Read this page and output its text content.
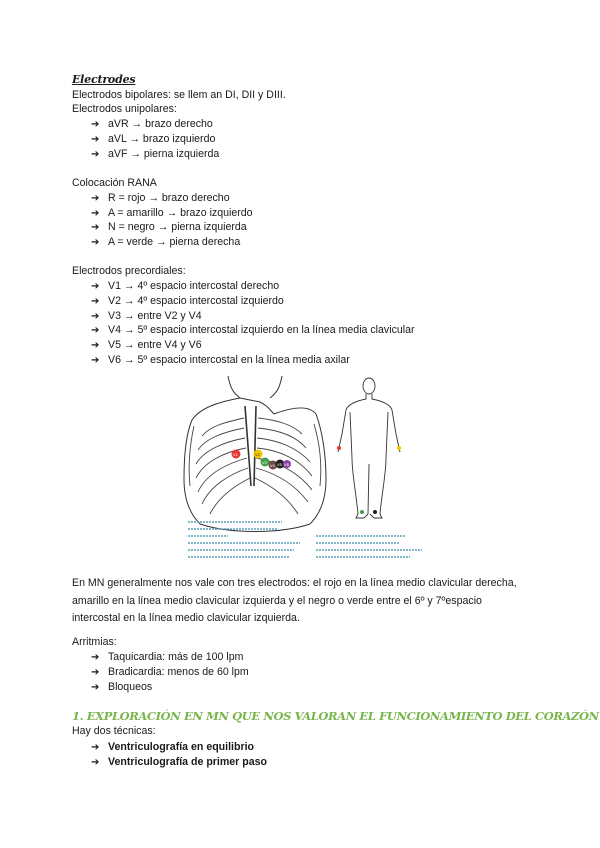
Electrodes
Electrodos bipolares: se llem an DI, DII y DIII.
Electrodos unipolares:
➔ aVR → brazo derecho
➔ aVL → brazo izquierdo
➔ aVF → pierna izquierda
Colocación RANA
➔ R = rojo → brazo derecho
➔ A = amarillo → brazo izquierdo
➔ N = negro → pierna izquierda
➔ A = verde → pierna derecha
Electrodos precordiales:
➔ V1 → 4º espacio intercostal derecho
➔ V2 → 4º espacio intercostal izquierdo
➔ V3 → entre V2 y V4
➔ V4 → 5º espacio intercostal izquierdo en la línea media clavicular
➔ V5 → entre V4 y V6
➔ V6 → 5º espacio intercostal en la línea media axilar
V1	V2
V3
V4 V5 V6
En MN generalmente nos vale con tres electrodos: el rojo en la línea medio clavicular derecha, amarillo en la línea medio clavicular izquierda y el negro o verde entre el 6º y 7ºespacio intercostal en la línea medio clavicular izquierda.
Arritmias:
➔ Taquicardia: más de 100 lpm
➔ Bradicardia: menos de 60 lpm
➔ Bloqueos
1. EXPLORACIÓN EN MN QUE NOS VALORAN EL FUNCIONAMIENTO DEL CORAZÓN
Hay dos técnicas:
➔ Ventriculografía en equilibrio
➔ Ventriculografía de primer paso
